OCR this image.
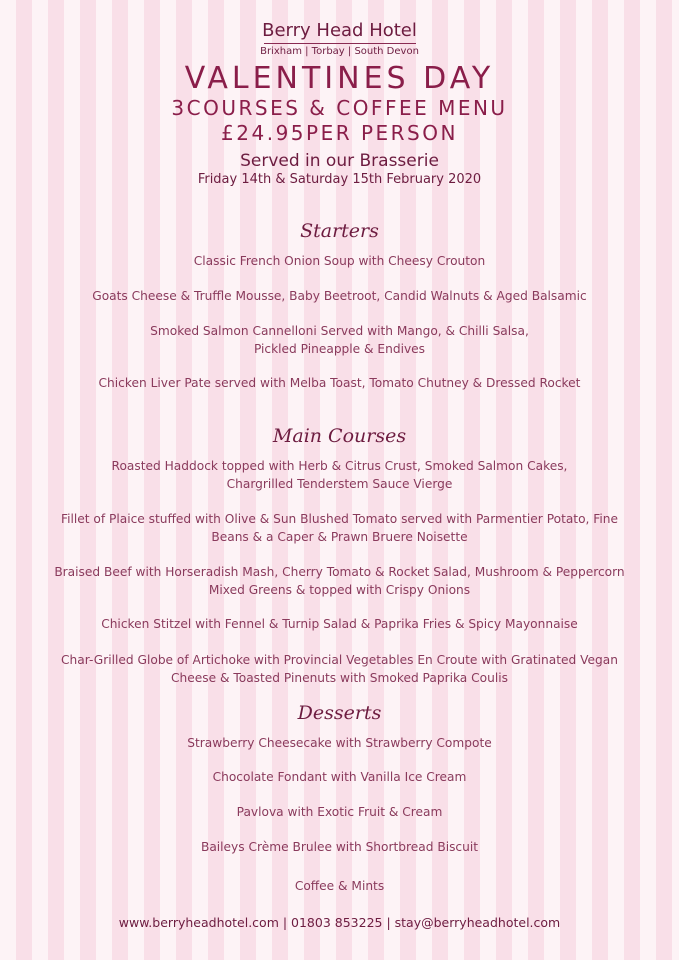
Berry Head Hotel
Brixham | Torbay | South Devon
VALENTINES DAY
3COURSES & COFFEE MENU
£24.95PER PERSON
Served in our Brasserie
Friday 14th & Saturday 15th February 2020
Starters
Classic French Onion Soup with Cheesy Crouton
Goats Cheese & Truffle Mousse, Baby Beetroot, Candid Walnuts & Aged Balsamic
Smoked Salmon Cannelloni Served with Mango, & Chilli Salsa,
Pickled Pineapple & Endives
Chicken Liver Pate served with Melba Toast, Tomato Chutney & Dressed Rocket
Main Courses
Roasted Haddock topped with Herb & Citrus Crust, Smoked Salmon Cakes,
Chargrilled Tenderstem Sauce Vierge
Fillet of Plaice stuffed with Olive & Sun Blushed Tomato served with Parmentier Potato, Fine
Beans & a Caper & Prawn Bruere Noisette
Braised Beef with Horseradish Mash, Cherry Tomato & Rocket Salad, Mushroom & Peppercorn
Mixed Greens & topped with Crispy Onions
Chicken Stitzel with Fennel & Turnip Salad & Paprika Fries & Spicy Mayonnaise
Char-Grilled Globe of Artichoke with Provincial Vegetables En Croute with Gratinated Vegan
Cheese & Toasted Pinenuts with Smoked Paprika Coulis
Desserts
Strawberry Cheesecake with Strawberry Compote
Chocolate Fondant with Vanilla Ice Cream
Pavlova with Exotic Fruit & Cream
Baileys Crème Brulee with Shortbread Biscuit
Coffee & Mints
www.berryheadhotel.com | 01803 853225 | stay@berryheadhotel.com
